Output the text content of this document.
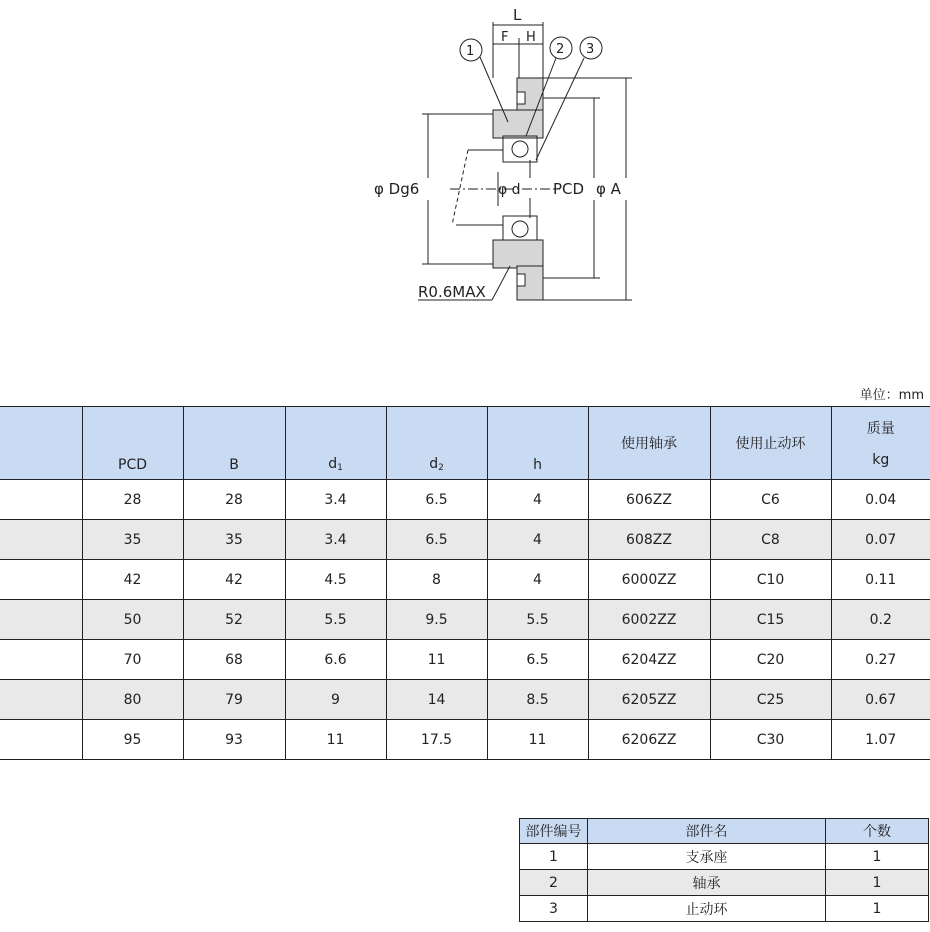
L
F H
1	2 3
φ Dg6	φ d PCD φ A
R0.6MAX
单位：mm
	PCD	B	$d_1$	$d_2$	h	使用轴承	使用止动环	质量
kg

	28	28	3.4	6.5	4	606ZZ	C6	0.04
	35	35	3.4	6.5	4	608ZZ	C8	0.07
	42	42	4.5	8	4	6000ZZ	C10	0.11
	50	52	5.5	9.5	5.5	6002ZZ	C15	0.2
	70	68	6.6	11	6.5	6204ZZ	C20	0.27
	80	79	9	14	8.5	6205ZZ	C25	0.67
	95	93	11	17.5	11	6206ZZ	C30	1.07
部件编号	部件名	个数
1	支承座	1
2	轴承	1
3	止动环	1
